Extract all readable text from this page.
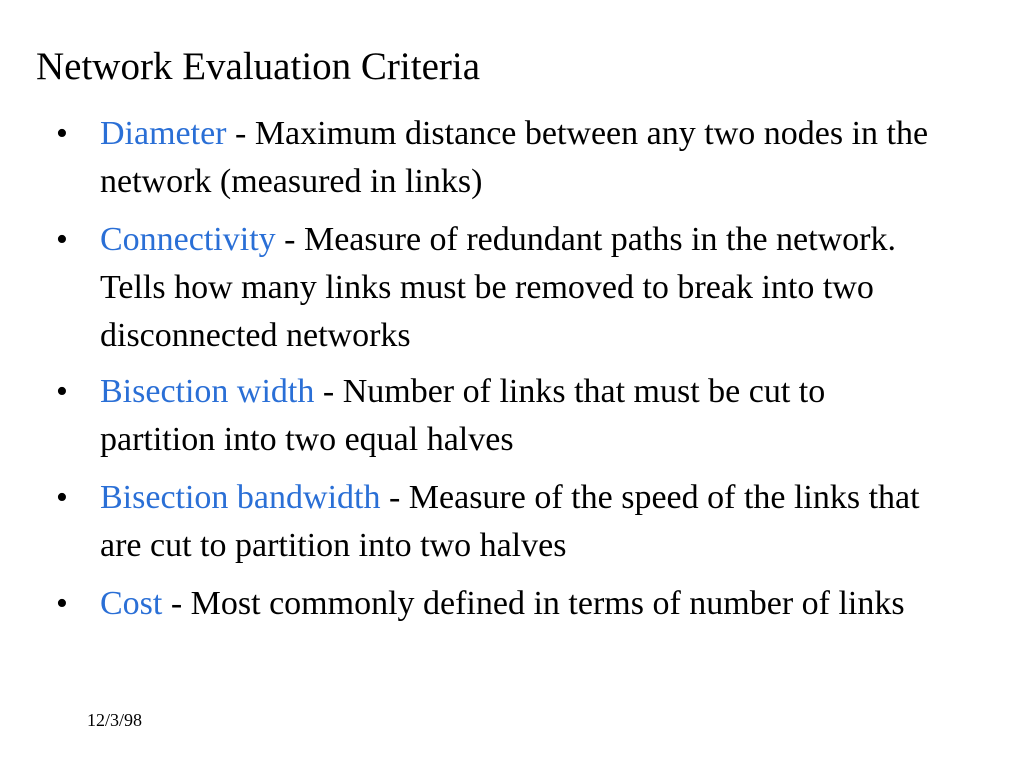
Network Evaluation Criteria
• Diameter - Maximum distance between any two nodes in the network (measured in links)
• Connectivity - Measure of redundant paths in the network. Tells how many links must be removed to break into two disconnected networks
• Bisection width - Number of links that must be cut to partition into two equal halves
• Bisection bandwidth - Measure of the speed of the links that are cut to partition into two halves
• Cost - Most commonly defined in terms of number of links
12/3/98
